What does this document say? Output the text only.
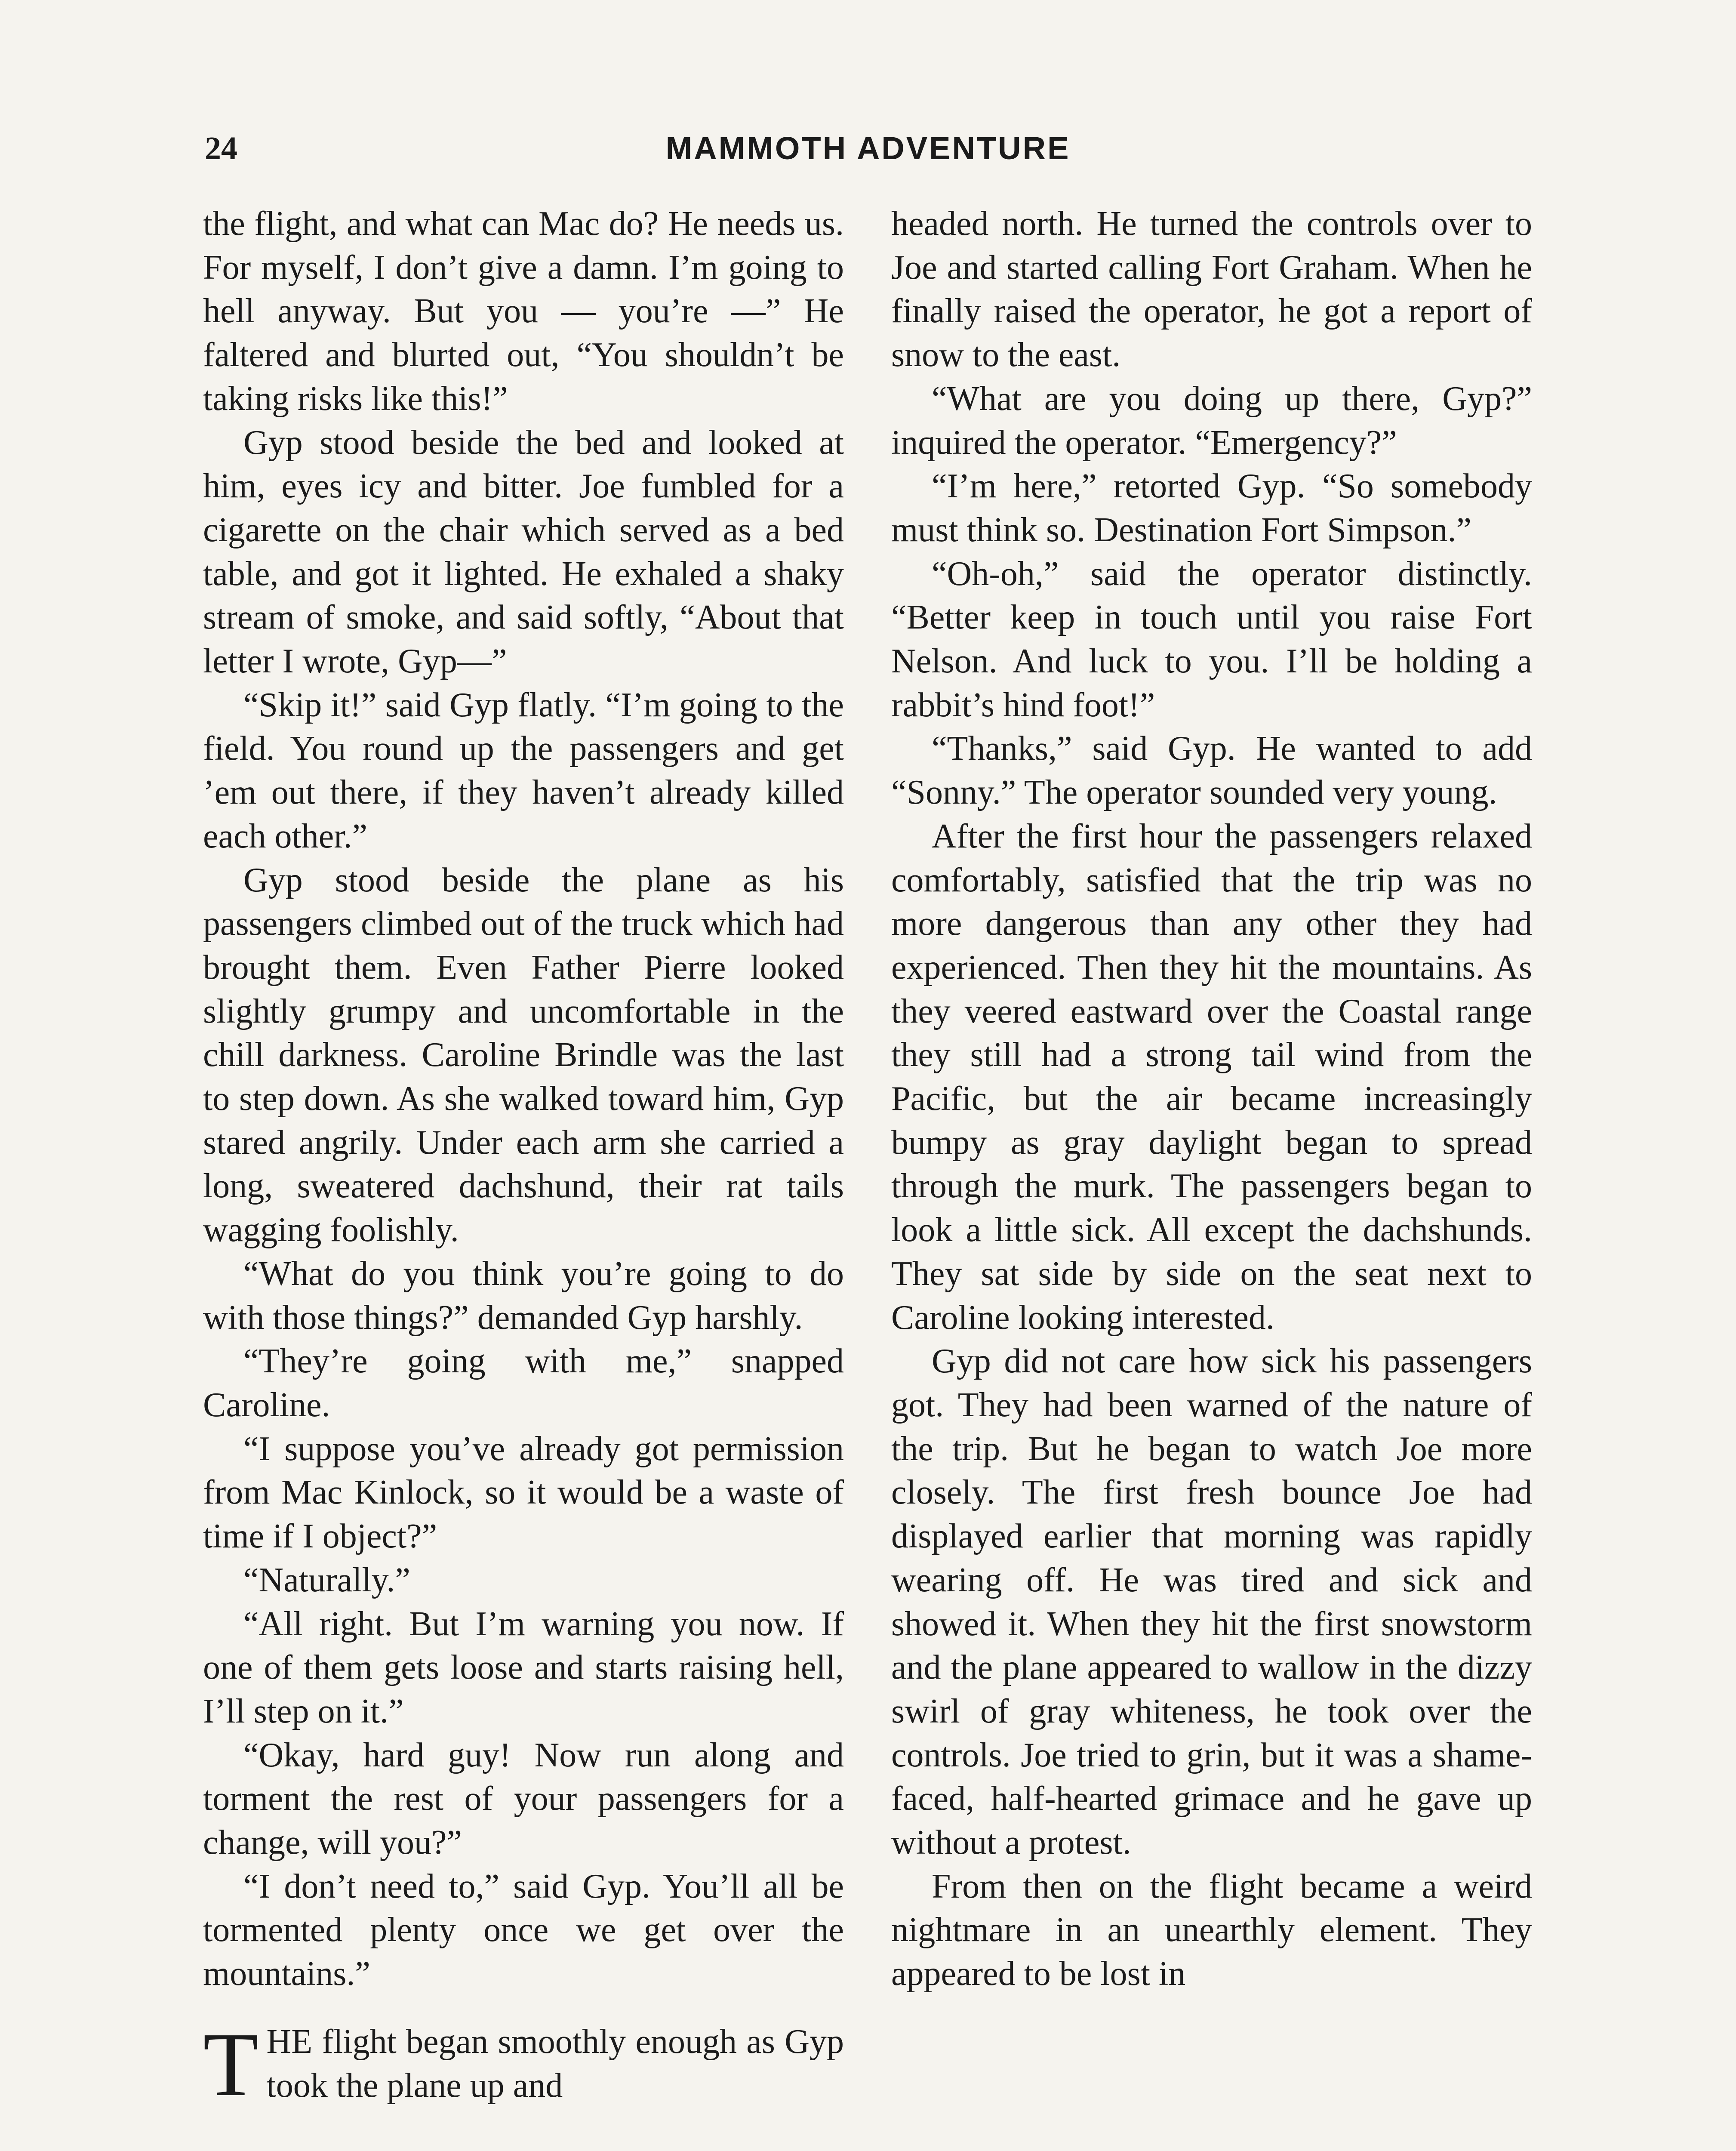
24	MAMMOTH ADVENTURE

the flight, and what can Mac do? He needs us. For myself, I don’t give a damn. I’m going to hell anyway. But you — you’re —” He faltered and blurted out, “You shouldn’t be taking risks like this!”

Gyp stood beside the bed and looked at him, eyes icy and bitter. Joe fumbled for a cigarette on the chair which served as a bed table, and got it lighted. He exhaled a shaky stream of smoke, and said softly, “About that letter I wrote, Gyp—”

“Skip it!” said Gyp flatly. “I’m going to the field. You round up the passengers and get ’em out there, if they haven’t already killed each other.”

Gyp stood beside the plane as his passengers climbed out of the truck which had brought them. Even Father Pierre looked slightly grumpy and uncomfortable in the chill darkness. Caroline Brindle was the last to step down. As she walked toward him, Gyp stared angrily. Under each arm she carried a long, sweatered dachshund, their rat tails wagging foolishly.

“What do you think you’re going to do with those things?” demanded Gyp harshly.

“They’re going with me,” snapped Caroline.

“I suppose you’ve already got permission from Mac Kinlock, so it would be a waste of time if I object?”

“Naturally.”

“All right. But I’m warning you now. If one of them gets loose and starts raising hell, I’ll step on it.”

“Okay, hard guy! Now run along and torment the rest of your passengers for a change, will you?”

“I don’t need to,” said Gyp. You’ll all be tormented plenty once we get over the mountains.”

THE flight began smoothly enough as Gyp took the plane up and

headed north. He turned the controls over to Joe and started calling Fort Graham. When he finally raised the operator, he got a report of snow to the east.

“What are you doing up there, Gyp?” inquired the operator. “Emergency?”

“I’m here,” retorted Gyp. “So somebody must think so. Destination Fort Simpson.”

“Oh-oh,” said the operator distinctly. “Better keep in touch until you raise Fort Nelson. And luck to you. I’ll be holding a rabbit’s hind foot!”

“Thanks,” said Gyp. He wanted to add “Sonny.” The operator sounded very young.

After the first hour the passengers relaxed comfortably, satisfied that the trip was no more dangerous than any other they had experienced. Then they hit the mountains. As they veered eastward over the Coastal range they still had a strong tail wind from the Pacific, but the air became increasingly bumpy as gray daylight began to spread through the murk. The passengers began to look a little sick. All except the dachshunds. They sat side by side on the seat next to Caroline looking interested.

Gyp did not care how sick his passengers got. They had been warned of the nature of the trip. But he began to watch Joe more closely. The first fresh bounce Joe had displayed earlier that morning was rapidly wearing off. He was tired and sick and showed it. When they hit the first snowstorm and the plane appeared to wallow in the dizzy swirl of gray whiteness, he took over the controls. Joe tried to grin, but it was a shame-faced, half-hearted grimace and he gave up without a protest.

From then on the flight became a weird nightmare in an unearthly element. They appeared to be lost in
